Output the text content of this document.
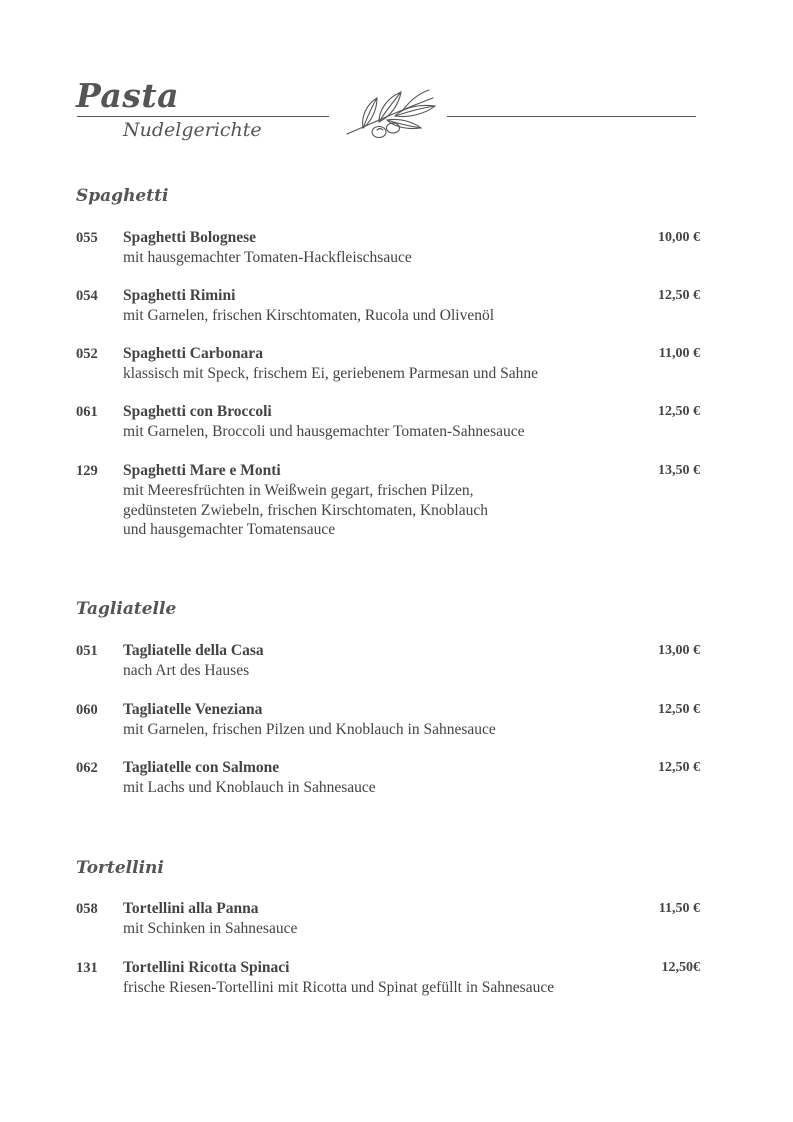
Pasta
Nudelgerichte
Spaghetti
055 Spaghetti Bolognese	10,00 €
mit hausgemachter Tomaten-Hackfleischsauce
054 Spaghetti Rimini	12,50 €
mit Garnelen, frischen Kirschtomaten, Rucola und Olivenöl
052 Spaghetti Carbonara	11,00 €
klassisch mit Speck, frischem Ei, geriebenem Parmesan und Sahne
061 Spaghetti con Broccoli	12,50 €
mit Garnelen, Broccoli und hausgemachter Tomaten-Sahnesauce
129 Spaghetti Mare e Monti	13,50 €
mit Meeresfrüchten in Weißwein gegart, frischen Pilzen,
gedünsteten Zwiebeln, frischen Kirschtomaten, Knoblauch
und hausgemachter Tomatensauce
Tagliatelle
051 Tagliatelle della Casa	13,00 €
nach Art des Hauses
060 Tagliatelle Veneziana	12,50 €
mit Garnelen, frischen Pilzen und Knoblauch in Sahnesauce
062 Tagliatelle con Salmone	12,50 €
mit Lachs und Knoblauch in Sahnesauce
Tortellini
058 Tortellini alla Panna	11,50 €
mit Schinken in Sahnesauce
131 Tortellini Ricotta Spinaci	12,50€
frische Riesen-Tortellini mit Ricotta und Spinat gefüllt in Sahnesauce
